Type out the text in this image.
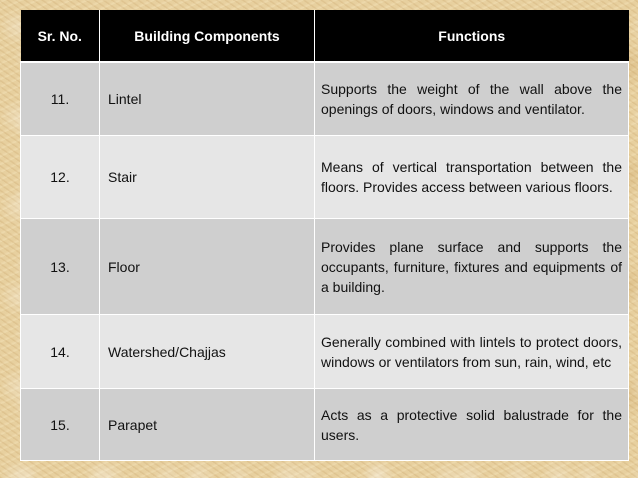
Sr. No.	Building Components	Functions
11.	Lintel	Supports the weight of the wall above the openings of doors, windows and ventilator.
12.	Stair	Means of vertical transportation between the floors. Provides access between various floors.
13.	Floor	Provides plane surface and supports the occupants, furniture, fixtures and equipments of a building.
14.	Watershed/Chajjas	Generally combined with lintels to protect doors, windows or ventilators from sun, rain, wind, etc
15.	Parapet	Acts as a protective solid balustrade for the users.
